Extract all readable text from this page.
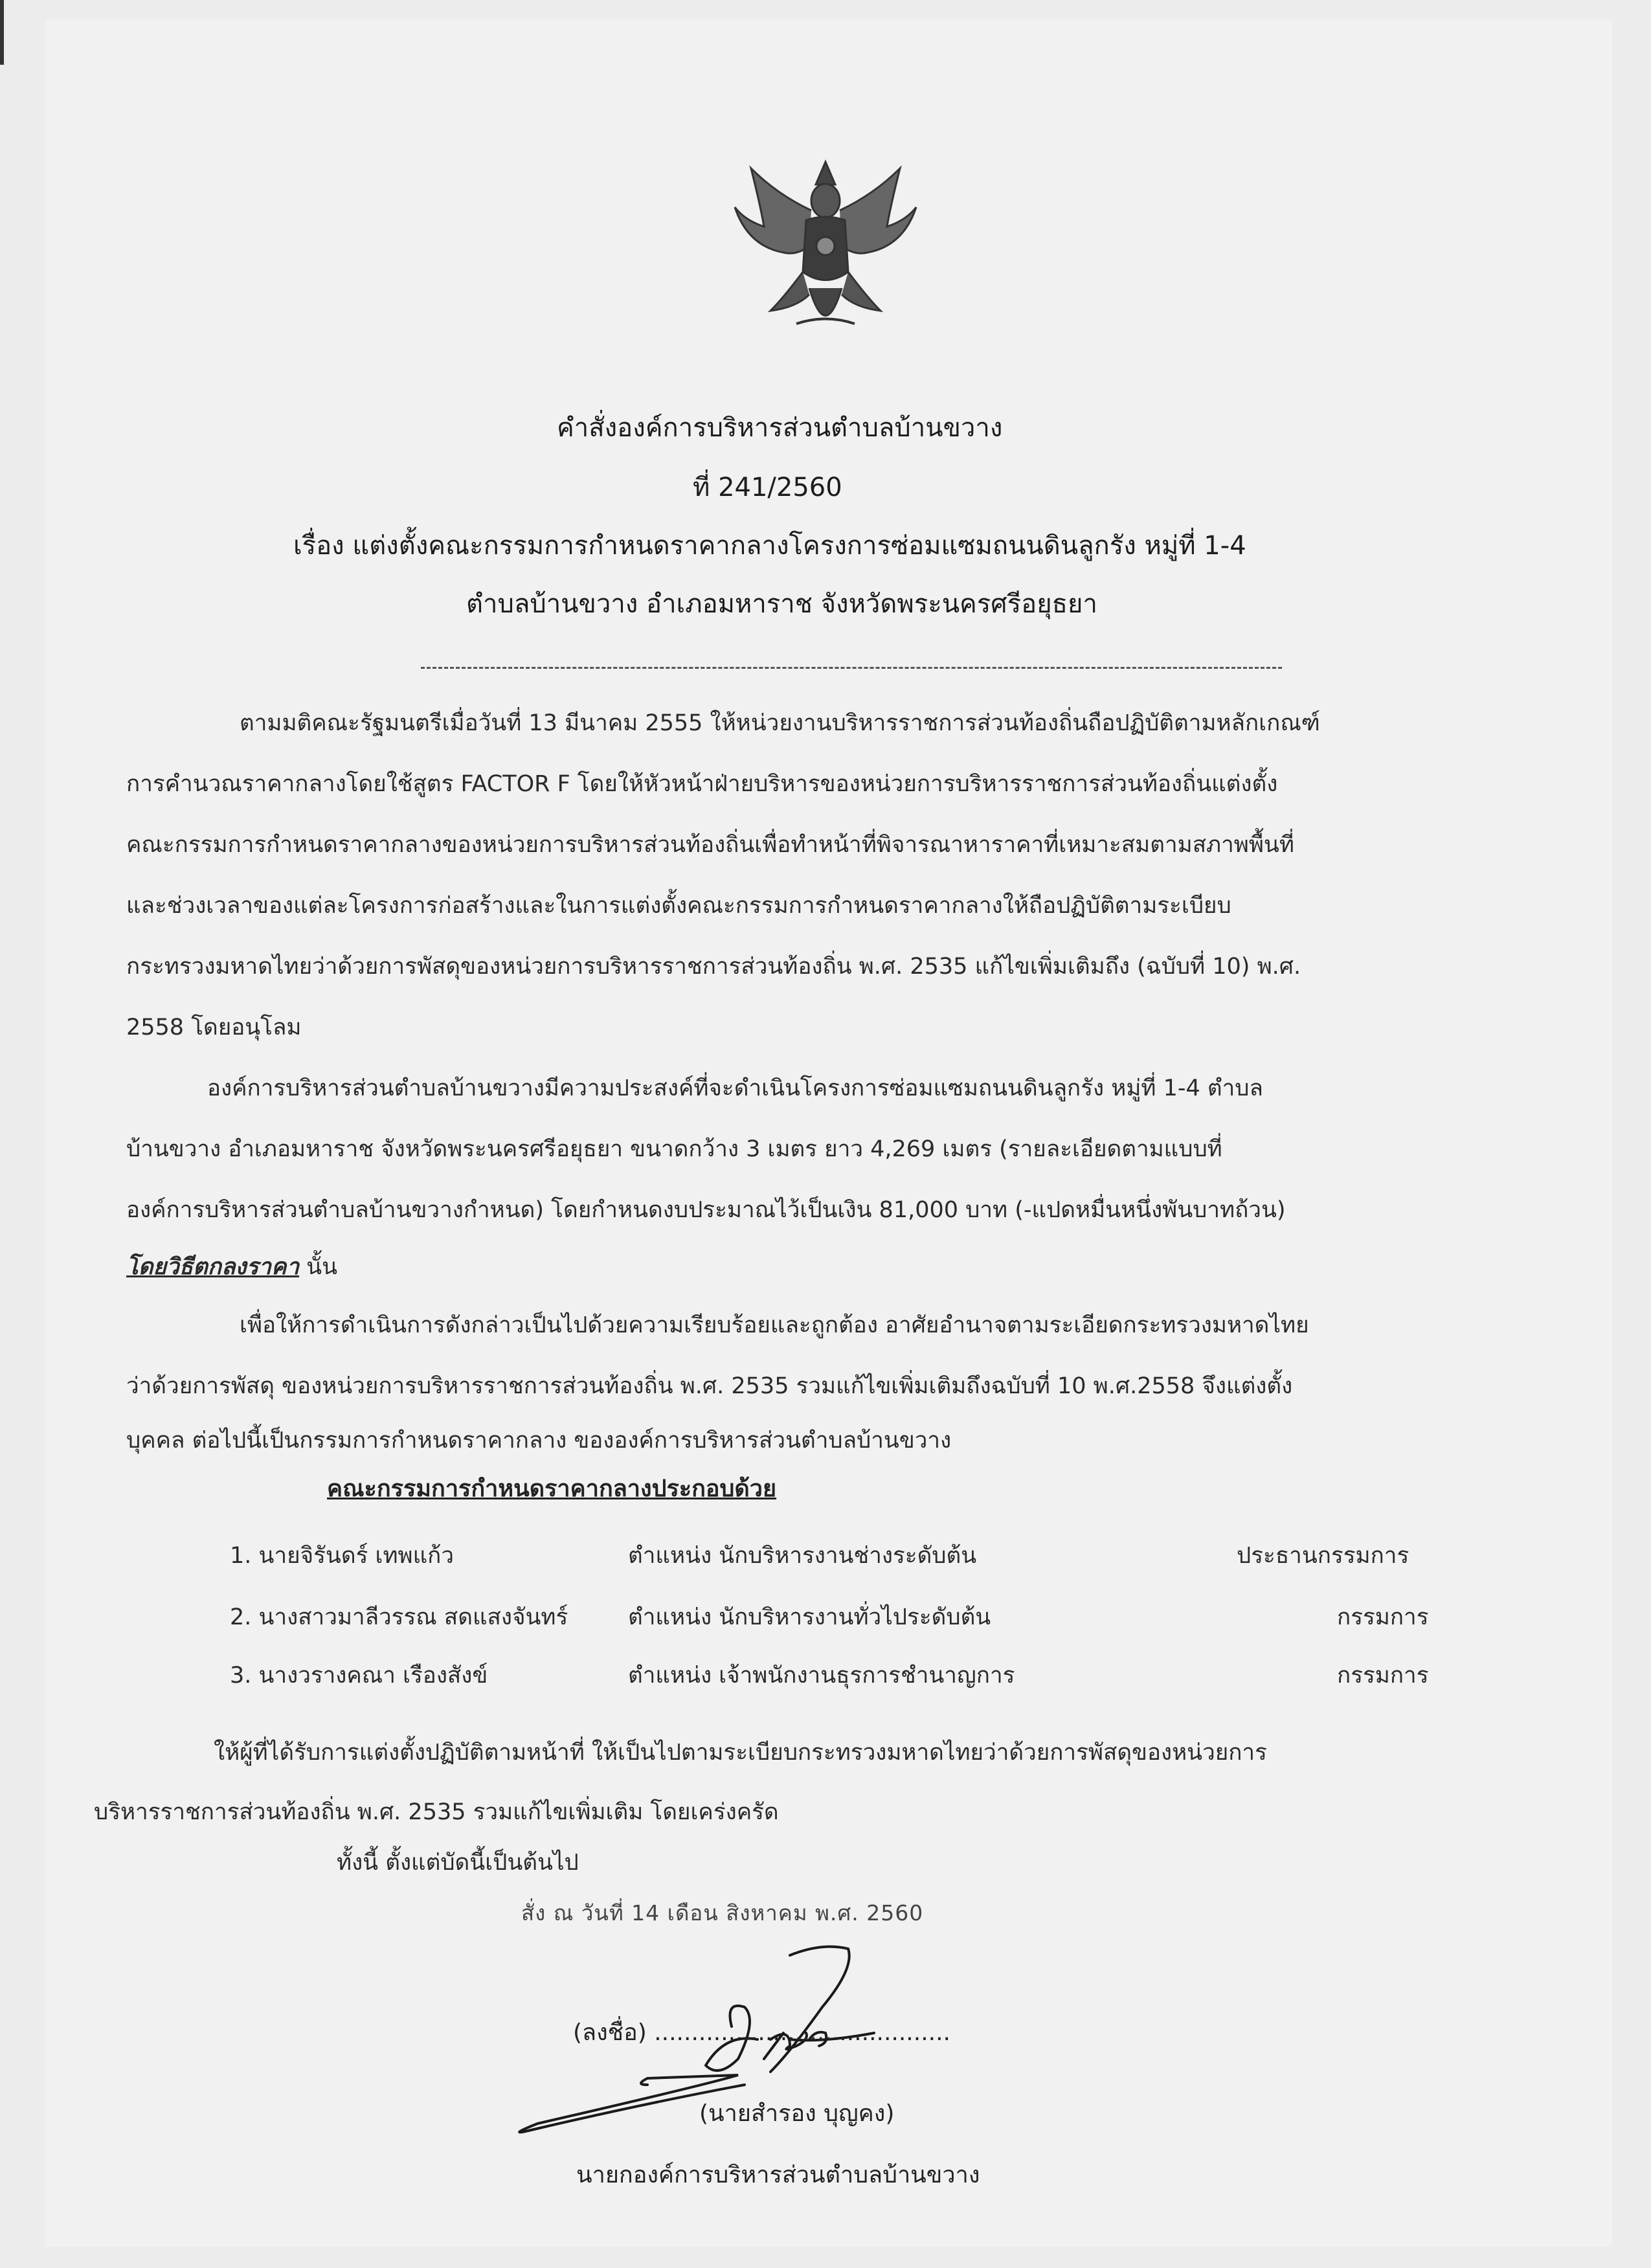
คำสั่งองค์การบริหารส่วนตำบลบ้านขวาง
ที่ 241/2560
เรื่อง แต่งตั้งคณะกรรมการกำหนดราคากลางโครงการซ่อมแซมถนนดินลูกรัง หมู่ที่ 1-4
ตำบลบ้านขวาง อำเภอมหาราช จังหวัดพระนครศรีอยุธยา
ตามมติคณะรัฐมนตรีเมื่อวันที่ 13 มีนาคม 2555 ให้หน่วยงานบริหารราชการส่วนท้องถิ่นถือปฏิบัติตามหลักเกณฑ์
การคำนวณราคากลางโดยใช้สูตร FACTOR F โดยให้หัวหน้าฝ่ายบริหารของหน่วยการบริหารราชการส่วนท้องถิ่นแต่งตั้ง
คณะกรรมการกำหนดราคากลางของหน่วยการบริหารส่วนท้องถิ่นเพื่อทำหน้าที่พิจารณาหาราคาที่เหมาะสมตามสภาพพื้นที่
และช่วงเวลาของแต่ละโครงการก่อสร้างและในการแต่งตั้งคณะกรรมการกำหนดราคากลางให้ถือปฏิบัติตามระเบียบ
กระทรวงมหาดไทยว่าด้วยการพัสดุของหน่วยการบริหารราชการส่วนท้องถิ่น พ.ศ. 2535 แก้ไขเพิ่มเติมถึง (ฉบับที่ 10) พ.ศ.
2558 โดยอนุโลม
องค์การบริหารส่วนตำบลบ้านขวางมีความประสงค์ที่จะดำเนินโครงการซ่อมแซมถนนดินลูกรัง หมู่ที่ 1-4 ตำบล
บ้านขวาง อำเภอมหาราช จังหวัดพระนครศรีอยุธยา ขนาดกว้าง 3 เมตร ยาว 4,269 เมตร (รายละเอียดตามแบบที่
องค์การบริหารส่วนตำบลบ้านขวางกำหนด) โดยกำหนดงบประมาณไว้เป็นเงิน 81,000 บาท (-แปดหมื่นหนึ่งพันบาทถ้วน)
โดยวิธีตกลงราคา นั้น
เพื่อให้การดำเนินการดังกล่าวเป็นไปด้วยความเรียบร้อยและถูกต้อง อาศัยอำนาจตามระเอียดกระทรวงมหาดไทย
ว่าด้วยการพัสดุ ของหน่วยการบริหารราชการส่วนท้องถิ่น พ.ศ. 2535 รวมแก้ไขเพิ่มเติมถึงฉบับที่ 10 พ.ศ.2558 จึงแต่งตั้ง
บุคคล ต่อไปนี้เป็นกรรมการกำหนดราคากลาง ขององค์การบริหารส่วนตำบลบ้านขวาง
คณะกรรมการกำหนดราคากลางประกอบด้วย
1. นายจิรันดร์ เทพแก้ว	ตำแหน่ง นักบริหารงานช่างระดับต้น	ประธานกรรมการ
2. นางสาวมาลีวรรณ สดแสงจันทร์	ตำแหน่ง นักบริหารงานทั่วไประดับต้น	กรรมการ
3. นางวรางคณา เรืองสังข์	ตำแหน่ง เจ้าพนักงานธุรการชำนาญการ	กรรมการ
ให้ผู้ที่ได้รับการแต่งตั้งปฏิบัติตามหน้าที่ ให้เป็นไปตามระเบียบกระทรวงมหาดไทยว่าด้วยการพัสดุของหน่วยการ
บริหารราชการส่วนท้องถิ่น พ.ศ. 2535 รวมแก้ไขเพิ่มเติม โดยเคร่งครัด
ทั้งนี้ ตั้งแต่บัดนี้เป็นต้นไป
สั่ง ณ วันที่ 14 เดือน สิงหาคม พ.ศ. 2560
(ลงชื่อ) ........................................
(นายสำรอง บุญคง)
นายกองค์การบริหารส่วนตำบลบ้านขวาง
